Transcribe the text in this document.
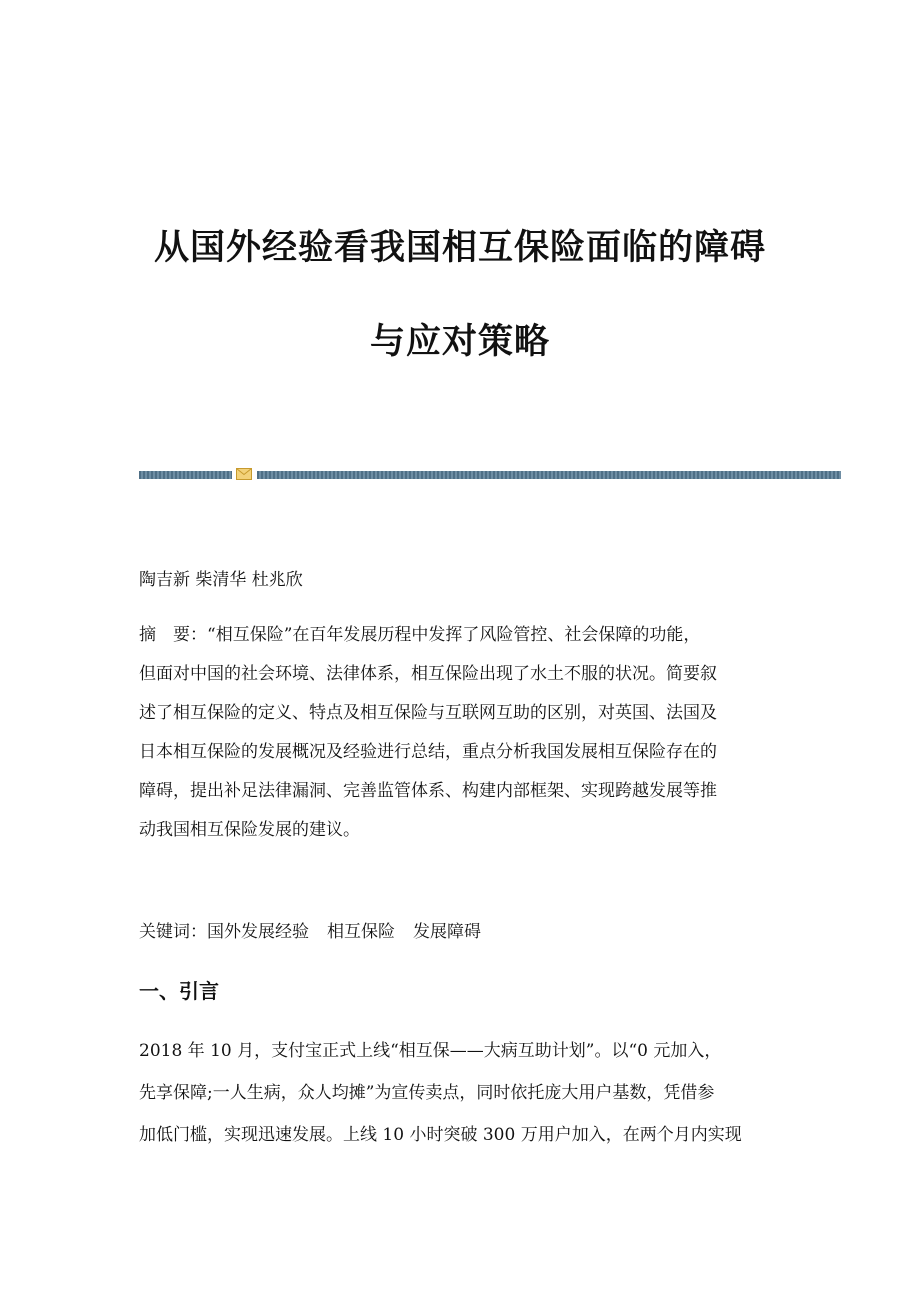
从国外经验看我国相互保险面临的障碍
与应对策略
陶吉新 柴清华 杜兆欣
摘　要：“相互保险”在百年发展历程中发挥了风险管控、社会保障的功能，
但面对中国的社会环境、法律体系，相互保险出现了水土不服的状况。简要叙
述了相互保险的定义、特点及相互保险与互联网互助的区别，对英国、法国及
日本相互保险的发展概况及经验进行总结，重点分析我国发展相互保险存在的
障碍，提出补足法律漏洞、完善监管体系、构建内部框架、实现跨越发展等推
动我国相互保险发展的建议。
关键词：国外发展经验 相互保险 发展障碍
一、引言
2018 年 10 月，支付宝正式上线“相互保——大病互助计划”。以“0 元加入，
先享保障;一人生病，众人均摊”为宣传卖点，同时依托庞大用户基数，凭借参
加低门槛，实现迅速发展。上线 10 小时突破 300 万用户加入，在两个月内实现
